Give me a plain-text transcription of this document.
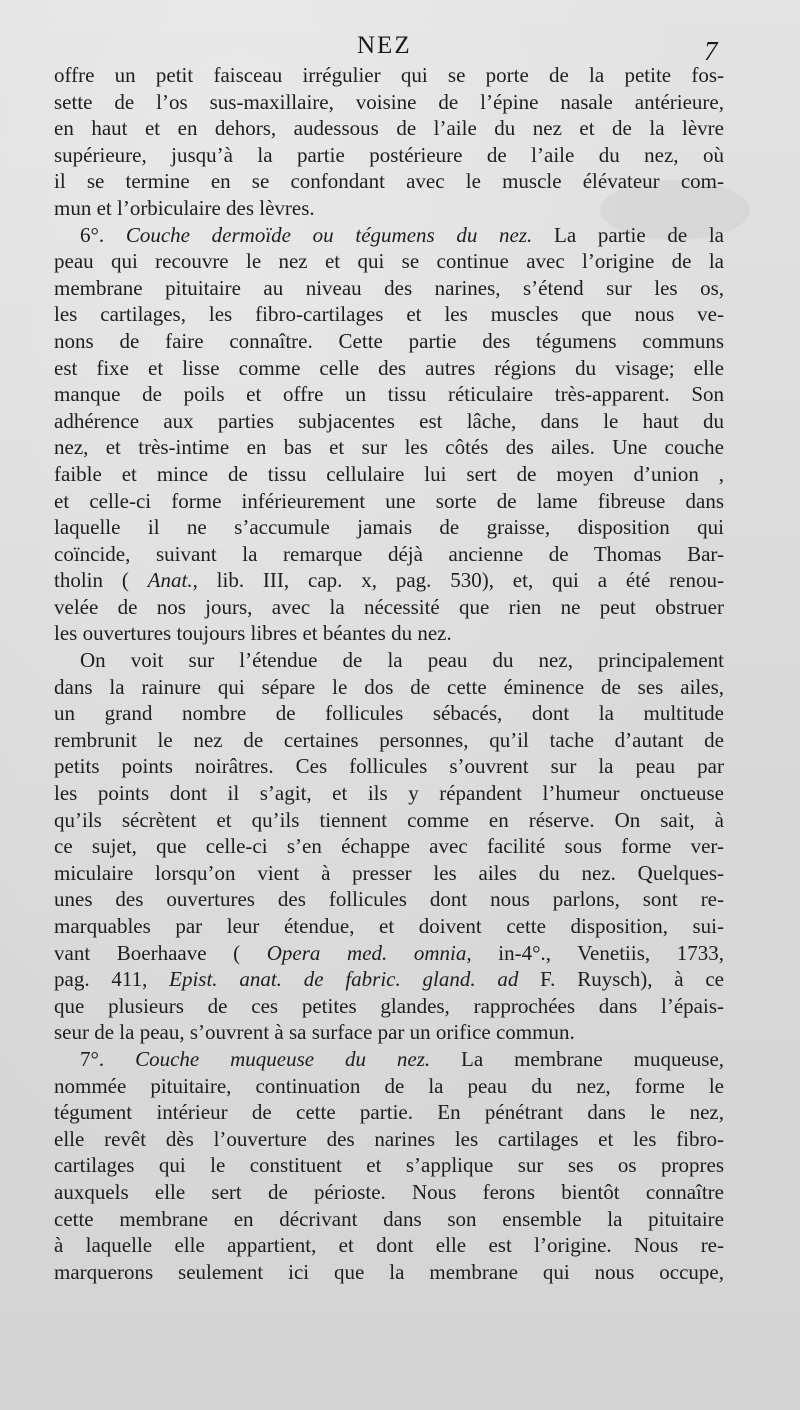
NEZ	7
offre un petit faisceau irrégulier qui se porte de la petite fos-
sette de l’os sus-maxillaire, voisine de l’épine nasale antérieure,
en haut et en dehors, audessous de l’aile du nez et de la lèvre
supérieure, jusqu’à la partie postérieure de l’aile du nez, où
il se termine en se confondant avec le muscle élévateur com-
mun et l’orbiculaire des lèvres.
6°. Couche dermoïde ou tégumens du nez. La partie de la
peau qui recouvre le nez et qui se continue avec l’origine de la
membrane pituitaire au niveau des narines, s’étend sur les os,
les cartilages, les fibro-cartilages et les muscles que nous ve-
nons de faire connaître. Cette partie des tégumens communs
est fixe et lisse comme celle des autres régions du visage; elle
manque de poils et offre un tissu réticulaire très-apparent. Son
adhérence aux parties subjacentes est lâche, dans le haut du
nez, et très-intime en bas et sur les côtés des ailes. Une couche
faible et mince de tissu cellulaire lui sert de moyen d’union ,
et celle-ci forme inférieurement une sorte de lame fibreuse dans
laquelle il ne s’accumule jamais de graisse, disposition qui
coïncide, suivant la remarque déjà ancienne de Thomas Bar-
tholin ( Anat., lib. III, cap. x, pag. 530), et, qui a été renou-
velée de nos jours, avec la nécessité que rien ne peut obstruer
les ouvertures toujours libres et béantes du nez.
On voit sur l’étendue de la peau du nez, principalement
dans la rainure qui sépare le dos de cette éminence de ses ailes,
un grand nombre de follicules sébacés, dont la multitude
rembrunit le nez de certaines personnes, qu’il tache d’autant de
petits points noirâtres. Ces follicules s’ouvrent sur la peau par
les points dont il s’agit, et ils y répandent l’humeur onctueuse
qu’ils sécrètent et qu’ils tiennent comme en réserve. On sait, à
ce sujet, que celle-ci s’en échappe avec facilité sous forme ver-
miculaire lorsqu’on vient à presser les ailes du nez. Quelques-
unes des ouvertures des follicules dont nous parlons, sont re-
marquables par leur étendue, et doivent cette disposition, sui-
vant Boerhaave ( Opera med. omnia, in-4°., Venetiis, 1733,
pag. 411, Epist. anat. de fabric. gland. ad F. Ruysch), à ce
que plusieurs de ces petites glandes, rapprochées dans l’épais-
seur de la peau, s’ouvrent à sa surface par un orifice commun.
7°. Couche muqueuse du nez. La membrane muqueuse,
nommée pituitaire, continuation de la peau du nez, forme le
tégument intérieur de cette partie. En pénétrant dans le nez,
elle revêt dès l’ouverture des narines les cartilages et les fibro-
cartilages qui le constituent et s’applique sur ses os propres
auxquels elle sert de périoste. Nous ferons bientôt connaître
cette membrane en décrivant dans son ensemble la pituitaire
à laquelle elle appartient, et dont elle est l’origine. Nous re-
marquerons seulement ici que la membrane qui nous occupe,
